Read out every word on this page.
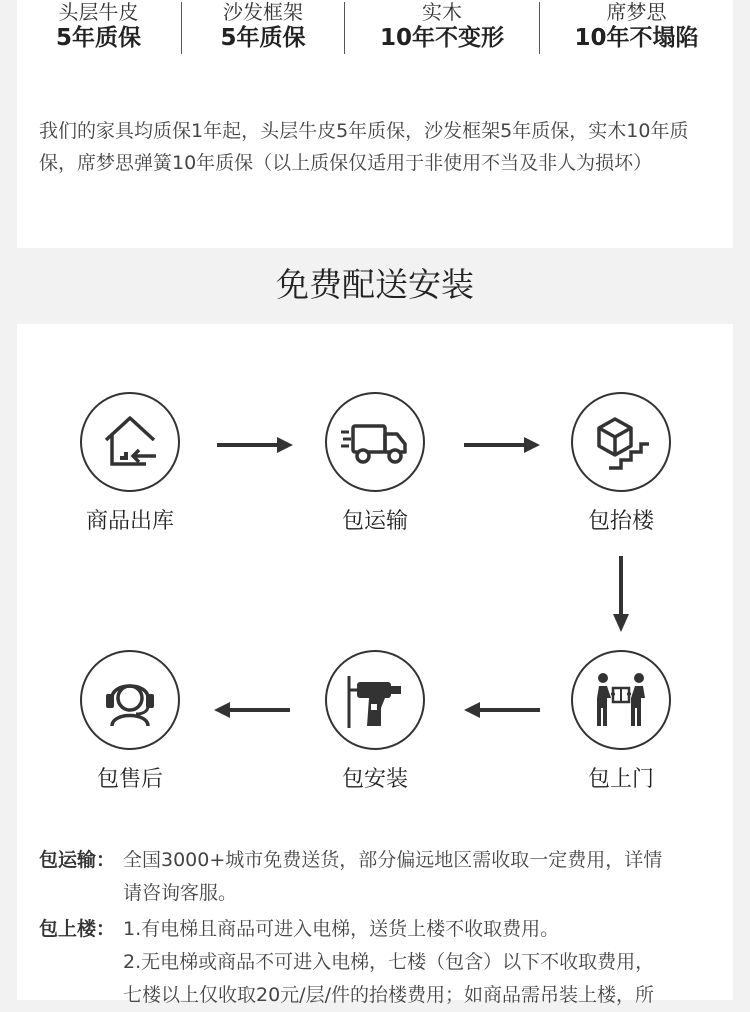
头层牛皮
5年质保
沙发框架
5年质保
实木
10年不变形
席梦思
10年不塌陷

我们的家具均质保1年起，头层牛皮5年质保，沙发框架5年质保，实木10年质保，席梦思弹簧10年质保（以上质保仅适用于非使用不当及非人为损坏）

免费配送安装
商品出库	包运输	包抬楼
包售后	包安装	包上门
包运输： 全国3000+城市免费送货，部分偏远地区需收取一定费用，详情
请咨询客服。
包上楼： 1.有电梯且商品可进入电梯，送货上楼不收取费用。
2.无电梯或商品不可进入电梯，七楼（包含）以下不收取费用，
七楼以上仅收取20元/层/件的抬楼费用；如商品需吊装上楼，所
